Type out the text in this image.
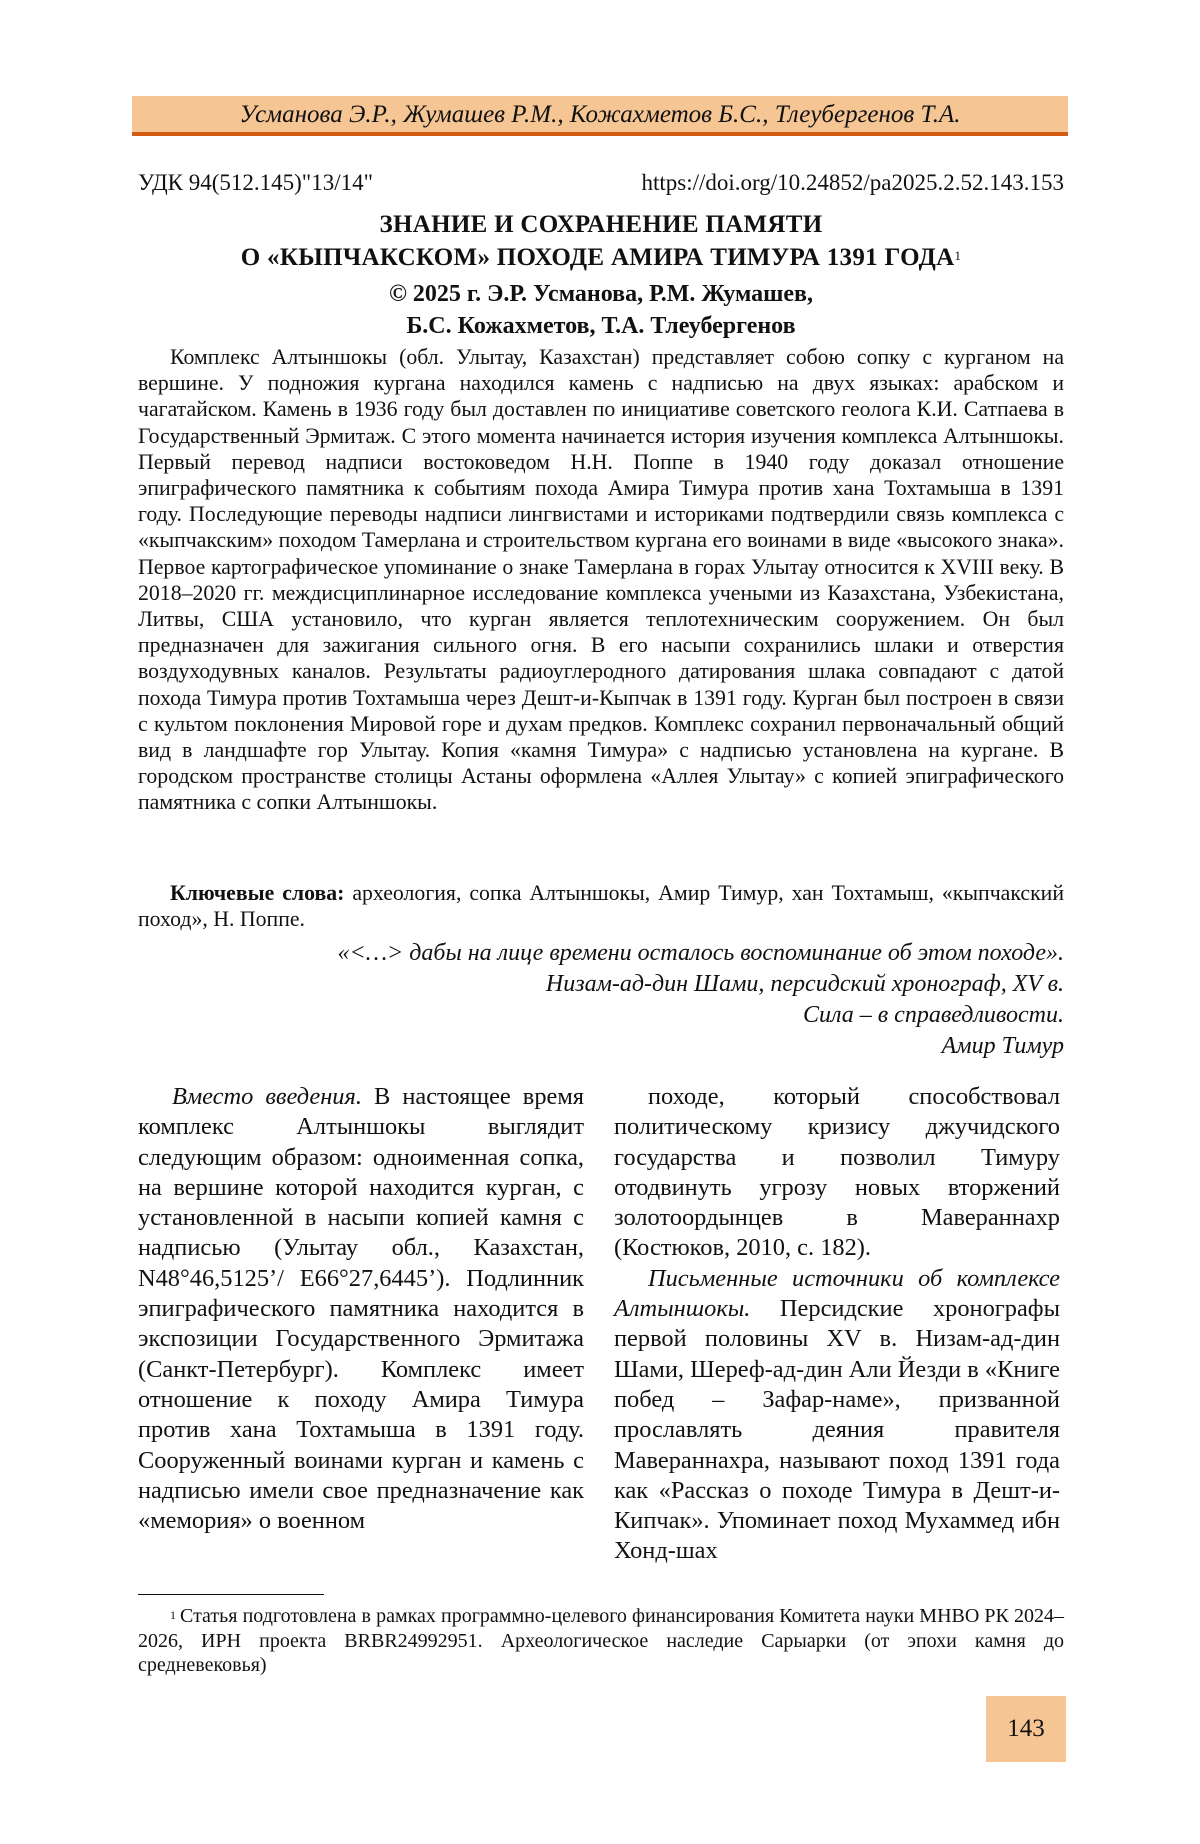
Усманова Э.Р., Жумашев Р.М., Кожахметов Б.С., Тлеубергенов Т.А.
УДК 94(512.145)"13/14"	https://doi.org/10.24852/pa2025.2.52.143.153
ЗНАНИЕ И СОХРАНЕНИЕ ПАМЯТИ
О «КЫПЧАКСКОМ» ПОХОДЕ АМИРА ТИМУРА 1391 ГОДА$^1$
© 2025 г. Э.Р. Усманова, Р.М. Жумашев,
Б.С. Кожахметов, Т.А. Тлеубергенов

Комплекс Алтыншокы (обл. Улытау, Казахстан) представляет собою сопку с курганом на вершине. У подножия кургана находился камень с надписью на двух языках: арабском и чагатайском. Камень в 1936 году был доставлен по инициативе советского геолога К.И. Сатпаева в Государственный Эрмитаж. С этого момента начинается история изучения комплекса Алтыншокы. Первый перевод надписи востоковедом Н.Н. Поппе в 1940 году доказал отношение эпиграфического памятника к событиям похода Амира Тимура против хана Тохтамыша в 1391 году. Последующие переводы надписи лингвистами и историками подтвердили связь комплекса с «кыпчакским» походом Тамерлана и строительством кургана его воинами в виде «высокого знака». Первое картографическое упоминание о знаке Тамерлана в горах Улытау относится к XVIII веку. В 2018–2020 гг. междисциплинарное исследование комплекса учеными из Казахстана, Узбекистана, Литвы, США установило, что курган является теплотехническим сооружением. Он был предназначен для зажигания сильного огня. В его насыпи сохранились шлаки и отверстия воздуходувных каналов. Результаты радиоуглеродного датирования шлака совпадают с датой похода Тимура против Тохтамыша через Дешт-и-Кыпчак в 1391 году. Курган был построен в связи с культом поклонения Мировой горе и духам предков. Комплекс сохранил первоначальный общий вид в ландшафте гор Улытау. Копия «камня Тимура» с надписью установлена на кургане. В городском пространстве столицы Астаны оформлена «Аллея Улытау» с копией эпиграфического памятника с сопки Алтыншокы.

Ключевые слова: археология, сопка Алтыншокы, Амир Тимур, хан Тохтамыш, «кыпчакский поход», Н. Поппе.

«<…> дабы на лице времени осталось воспоминание об этом походе».
Низам-ад-дин Шами, персидский хронограф, XV в.
Сила – в справедливости.
Амир Тимур

Вместо введения. В настоящее время комплекс Алтыншокы выглядит следующим образом: одноименная сопка, на вершине которой находится курган, с установленной в насыпи копией камня с надписью (Улытау обл., Казахстан, N48°46,5125’/ E66°27,6445’). Подлинник эпиграфического памятника находится в экспозиции Государственного Эрмитажа (Санкт-Петербург). Комплекс имеет отношение к походу Амира Тимура против хана Тохтамыша в 1391 году. Сооруженный воинами курган и камень с надписью имели свое предназначение как «мемория» о военном

походе, который способствовал политическому кризису джучидского государства и позволил Тимуру отодвинуть угрозу новых вторжений золотоордынцев в Мавераннахр (Костюков, 2010, с. 182).

Письменные источники об комплексе Алтыншокы. Персидские хронографы первой половины XV в. Низам-ад-дин Шами, Шереф-ад-дин Али Йезди в «Книге побед – Зафар-наме», призванной прославлять деяния правителя Мавераннахра, называют поход 1391 года как «Рассказ о походе Тимура в Дешт-и-Кипчак». Упоминает поход Мухаммед ибн Хонд-шах

$^1$ Статья подготовлена в рамках программно-целевого финансирования Комитета науки МНВО РК 2024–2026, ИРН проекта BRBR24992951. Археологическое наследие Сарыарки (от эпохи камня до средневековья)

143
